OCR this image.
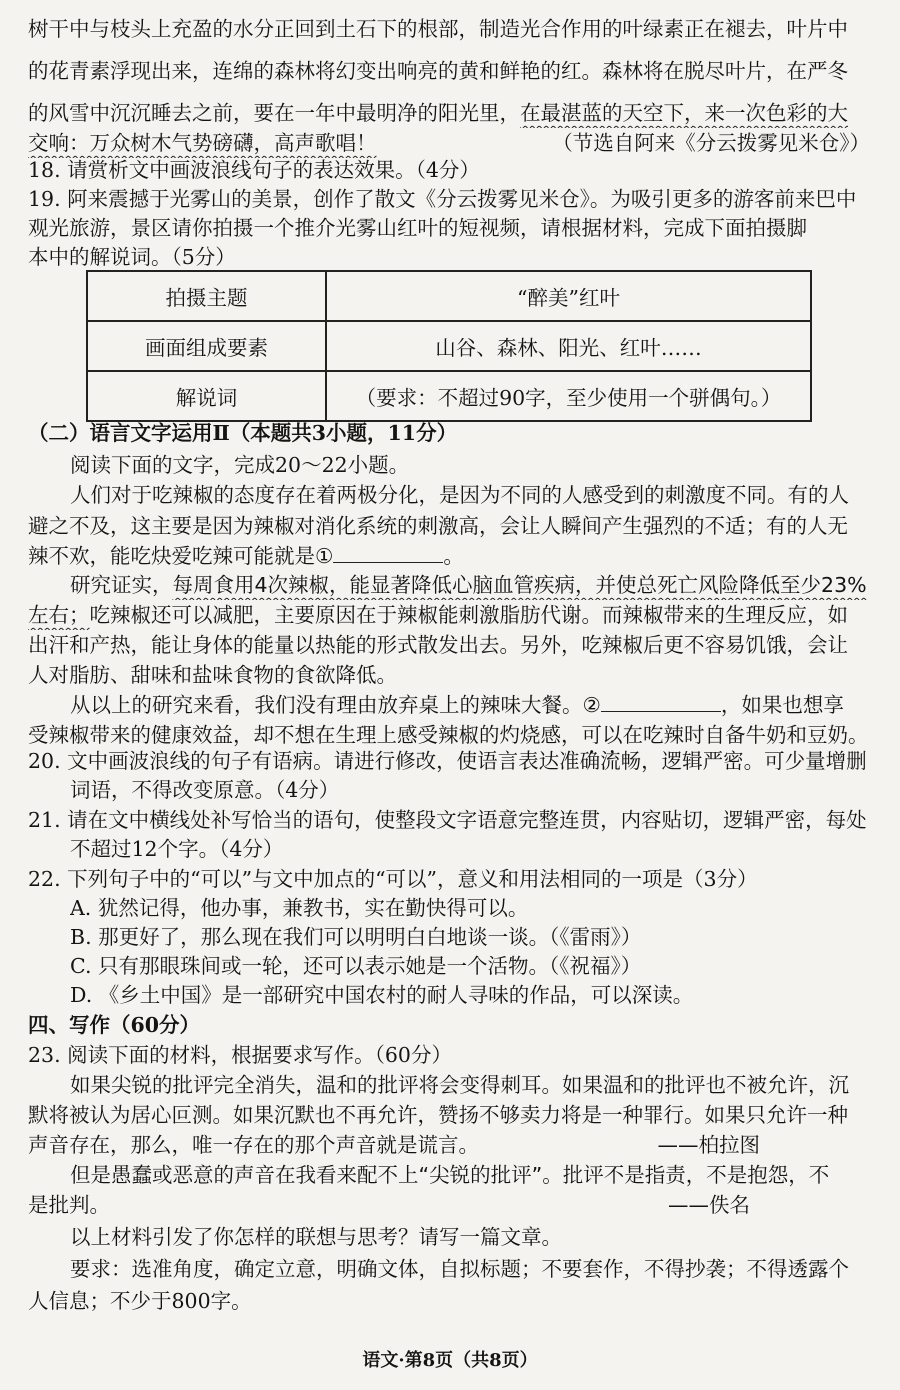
树干中与枝头上充盈的水分正回到土石下的根部，制造光合作用的叶绿素正在褪去，叶片中
的花青素浮现出来，连绵的森林将幻变出响亮的黄和鲜艳的红。森林将在脱尽叶片，在严冬
的风雪中沉沉睡去之前，要在一年中最明净的阳光里，在最湛蓝的天空下，来一次色彩的大
交响：万众树木气势磅礴，高声歌唱！	（节选自阿来《分云拨雾见米仓》）
18. 请赏析文中画波浪线句子的表达效果。（4分）
19. 阿来震撼于光雾山的美景，创作了散文《分云拨雾见米仓》。为吸引更多的游客前来巴中
观光旅游，景区请你拍摄一个推介光雾山红叶的短视频，请根据材料，完成下面拍摄脚
本中的解说词。（5分）
拍摄主题	“醉美”红叶
画面组成要素	山谷、森林、阳光、红叶……
解说词	（要求：不超过90字，至少使用一个骈偶句。）
（二）语言文字运用Ⅱ（本题共3小题，11分）
阅读下面的文字，完成20～22小题。
人们对于吃辣椒的态度存在着两极分化，是因为不同的人感受到的刺激度不同。有的人
避之不及，这主要是因为辣椒对消化系统的刺激高，会让人瞬间产生强烈的不适；有的人无
辣不欢，能吃炔爱吃辣可能就是①	。
研究证实，每周食用4次辣椒，能显著降低心脑血管疾病，并使总死亡风险降低至少23%
左右；吃辣椒还可以减肥，主要原因在于辣椒能刺激脂肪代谢。而辣椒带来的生理反应，如
出汗和产热，能让身体的能量以热能的形式散发出去。另外，吃辣椒后更不容易饥饿，会让
人对脂肪、甜味和盐味食物的食欲降低。
从以上的研究来看，我们没有理由放弃桌上的辣味大餐。②	，如果也想享
受辣椒带来的健康效益，却不想在生理上感受辣椒的灼烧感，可以在吃辣时自备牛奶和豆奶。
20. 文中画波浪线的句子有语病。请进行修改，使语言表达准确流畅，逻辑严密。可少量增删
词语，不得改变原意。（4分）
21. 请在文中横线处补写恰当的语句，使整段文字语意完整连贯，内容贴切，逻辑严密，每处
不超过12个字。（4分）
22. 下列句子中的“可以”与文中加点的“可以”，意义和用法相同的一项是（3分）
A. 犹然记得，他办事，兼教书，实在勤快得可以。
B. 那更好了，那么现在我们可以明明白白地谈一谈。（《雷雨》）
C. 只有那眼珠间或一轮，还可以表示她是一个活物。（《祝福》）
D. 《乡土中国》是一部研究中国农村的耐人寻味的作品，可以深读。
四、写作（60分）
23. 阅读下面的材料，根据要求写作。（60分）
如果尖锐的批评完全消失，温和的批评将会变得刺耳。如果温和的批评也不被允许，沉
默将被认为居心叵测。如果沉默也不再允许，赞扬不够卖力将是一种罪行。如果只允许一种
声音存在，那么，唯一存在的那个声音就是谎言。	——柏拉图
但是愚蠢或恶意的声音在我看来配不上“尖锐的批评”。批评不是指责，不是抱怨，不
是批判。	——佚名
以上材料引发了你怎样的联想与思考？请写一篇文章。
要求：选准角度，确定立意，明确文体，自拟标题；不要套作，不得抄袭；不得透露个
人信息；不少于800字。
语文·第8页（共8页）
